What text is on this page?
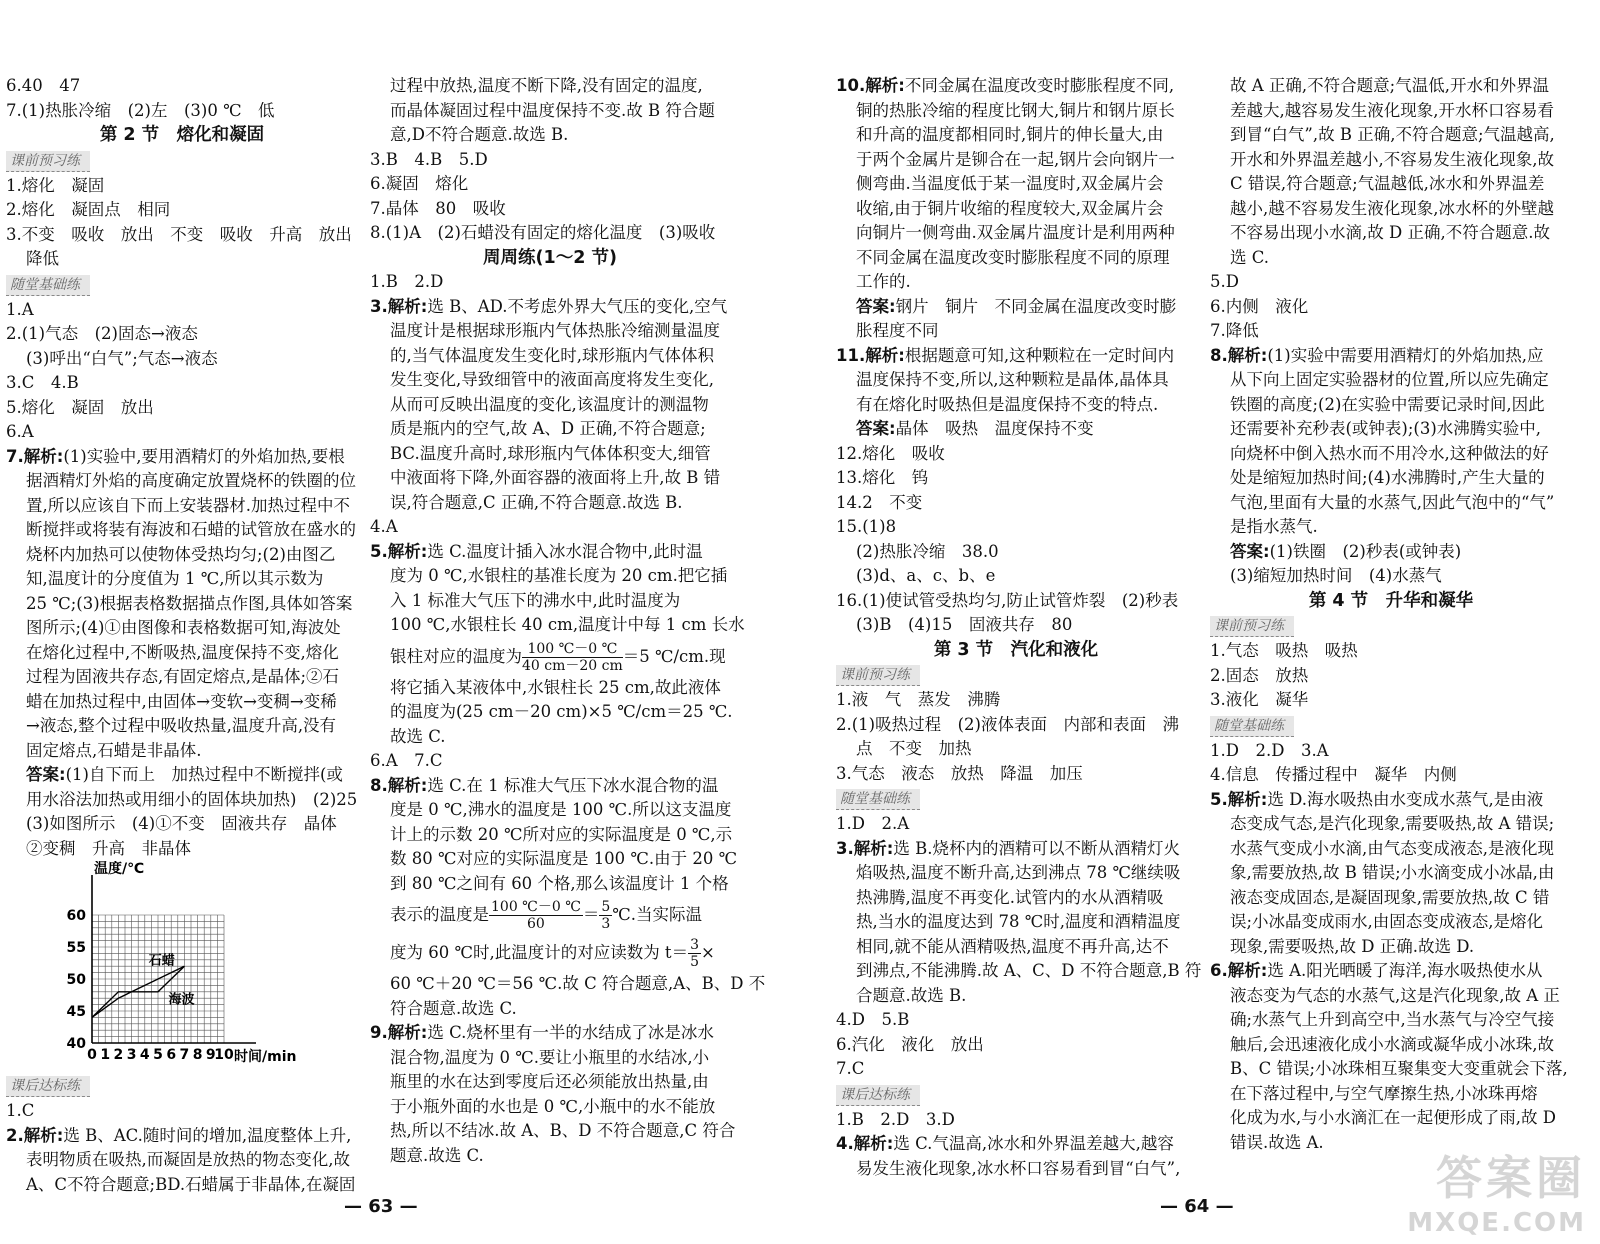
6.40　47
7.(1)热胀冷缩　(2)左　(3)0 ℃　低
第 2 节　熔化和凝固
课前预习练
1.熔化　凝固
2.熔化　凝固点　相同
3.不变　吸收　放出　不变　吸收　升高　放出
降低
随堂基础练
1.A
2.(1)气态　(2)固态→液态
(3)呼出“白气”;气态→液态
3.C　4.B
5.熔化　凝固　放出
6.A
7.解析:(1)实验中,要用酒精灯的外焰加热,要根
据酒精灯外焰的高度确定放置烧杯的铁圈的位
置,所以应该自下而上安装器材.加热过程中不
断搅拌或将装有海波和石蜡的试管放在盛水的
烧杯内加热可以使物体受热均匀;(2)由图乙
知,温度计的分度值为 1 ℃,所以其示数为
25 ℃;(3)根据表格数据描点作图,具体如答案
图所示;(4)①由图像和表格数据可知,海波处
在熔化过程中,不断吸热,温度保持不变,熔化
过程为固液共存态,有固定熔点,是晶体;②石
蜡在加热过程中,由固体→变软→变稠→变稀
→液态,整个过程中吸收热量,温度升高,没有
固定熔点,石蜡是非晶体.
答案:(1)自下而上　加热过程中不断搅拌(或
用水浴法加热或用细小的固体块加热)　(2)25
(3)如图所示　(4)①不变　固液共存　晶体
②变稠　升高　非晶体
温度/℃
时间/min
0 1 2 3 4 5 6 7 8 9
10
40
45
50
55
60
石蜡
海波
课后达标练
1.C
2.解析:选 B、AC.随时间的增加,温度整体上升,
表明物质在吸热,而凝固是放热的物态变化,故
A、C不符合题意;BD.石蜡属于非晶体,在凝固
过程中放热,温度不断下降,没有固定的温度,
而晶体凝固过程中温度保持不变.故 B 符合题
意,D不符合题意.故选 B.
3.B　4.B　5.D
6.凝固　熔化
7.晶体　80　吸收
8.(1)A　(2)石蜡没有固定的熔化温度　(3)吸收
周周练(1～2 节)
1.B　2.D
3.解析:选 B、AD.不考虑外界大气压的变化,空气
温度计是根据球形瓶内气体热胀冷缩测量温度
的,当气体温度发生变化时,球形瓶内气体体积
发生变化,导致细管中的液面高度将发生变化,
从而可反映出温度的变化,该温度计的测温物
质是瓶内的空气,故 A、D 正确,不符合题意;
BC.温度升高时,球形瓶内气体体积变大,细管
中液面将下降,外面容器的液面将上升,故 B 错
误,符合题意,C 正确,不符合题意.故选 B.
4.A
5.解析:选 C.温度计插入冰水混合物中,此时温
度为 0 ℃,水银柱的基准长度为 20 cm.把它插
入 1 标准大气压下的沸水中,此时温度为
100 ℃,水银柱长 40 cm,温度计中每 1 cm 长水
银柱对应的温度为 $\frac{100 ℃-0 ℃}{40 cm-20 cm} =5$ ℃/cm.现
将它插入某液体中,水银柱长 25 cm,故此液体
的温度为(25 cm－20 cm)×5 ℃/cm＝25 ℃.
故选 C.
6.A　7.C
8.解析:选 C.在 1 标准大气压下冰水混合物的温
度是 0 ℃,沸水的温度是 100 ℃.所以这支温度
计上的示数 20 ℃所对应的实际温度是 0 ℃,示
数 80 ℃对应的实际温度是 100 ℃.由于 20 ℃
到 80 ℃之间有 60 个格,那么该温度计 1 个格
表示的温度是 $\frac{100 ℃-0 ℃}{60} = \frac{5}{3}$ ℃.当实际温
度为 60 ℃时,此温度计的对应读数为 $t= \frac{3}{5}$ ×
60 ℃＋20 ℃＝56 ℃.故 C 符合题意,A、B、D 不
符合题意.故选 C.
9.解析:选 C.烧杯里有一半的水结成了冰是冰水
混合物,温度为 0 ℃.要让小瓶里的水结冰,小
瓶里的水在达到零度后还必须能放出热量,由
于小瓶外面的水也是 0 ℃,小瓶中的水不能放
热,所以不结冰.故 A、B、D 不符合题意,C 符合
题意.故选 C.
— 63 —
10.解析:不同金属在温度改变时膨胀程度不同,
铜的热胀冷缩的程度比钢大,铜片和钢片原长
和升高的温度都相同时,铜片的伸长量大,由
于两个金属片是铆合在一起,钢片会向钢片一
侧弯曲.当温度低于某一温度时,双金属片会
收缩,由于铜片收缩的程度较大,双金属片会
向铜片一侧弯曲.双金属片温度计是利用两种
不同金属在温度改变时膨胀程度不同的原理
工作的.
答案:钢片　铜片　不同金属在温度改变时膨
胀程度不同
11.解析:根据题意可知,这种颗粒在一定时间内
温度保持不变,所以,这种颗粒是晶体,晶体具
有在熔化时吸热但是温度保持不变的特点.
答案:晶体　吸热　温度保持不变
12.熔化　吸收
13.熔化　钨
14.2　不变
15.(1)8
(2)热胀冷缩　38.0
(3)d、a、c、b、e
16.(1)使试管受热均匀,防止试管炸裂　(2)秒表
(3)B　(4)15　固液共存　80
第 3 节　汽化和液化
课前预习练
1.液　气　蒸发　沸腾
2.(1)吸热过程　(2)液体表面　内部和表面　沸
点　不变　加热
3.气态　液态　放热　降温　加压
随堂基础练
1.D　2.A
3.解析:选 B.烧杯内的酒精可以不断从酒精灯火
焰吸热,温度不断升高,达到沸点 78 ℃继续吸
热沸腾,温度不再变化.试管内的水从酒精吸
热,当水的温度达到 78 ℃时,温度和酒精温度
相同,就不能从酒精吸热,温度不再升高,达不
到沸点,不能沸腾.故 A、C、D 不符合题意,B 符
合题意.故选 B.
4.D　5.B
6.汽化　液化　放出
7.C
课后达标练
1.B　2.D　3.D
4.解析:选 C.气温高,冰水和外界温差越大,越容
易发生液化现象,冰水杯口容易看到冒“白气”,
故 A 正确,不符合题意;气温低,开水和外界温
差越大,越容易发生液化现象,开水杯口容易看
到冒“白气”,故 B 正确,不符合题意;气温越高,
开水和外界温差越小,不容易发生液化现象,故
C 错误,符合题意;气温越低,冰水和外界温差
越小,越不容易发生液化现象,冰水杯的外壁越
不容易出现小水滴,故 D 正确,不符合题意.故
选 C.
5.D
6.内侧　液化
7.降低
8.解析:(1)实验中需要用酒精灯的外焰加热,应
从下向上固定实验器材的位置,所以应先确定
铁圈的高度;(2)在实验中需要记录时间,因此
还需要补充秒表(或钟表);(3)水沸腾实验中,
向烧杯中倒入热水而不用冷水,这种做法的好
处是缩短加热时间;(4)水沸腾时,产生大量的
气泡,里面有大量的水蒸气,因此气泡中的“气”
是指水蒸气.
答案:(1)铁圈　(2)秒表(或钟表)
(3)缩短加热时间　(4)水蒸气
第 4 节　升华和凝华
课前预习练
1.气态　吸热　吸热
2.固态　放热
3.液化　凝华
随堂基础练
1.D　2.D　3.A
4.信息　传播过程中　凝华　内侧
5.解析:选 D.海水吸热由水变成水蒸气,是由液
态变成气态,是汽化现象,需要吸热,故 A 错误;
水蒸气变成小水滴,由气态变成液态,是液化现
象,需要放热,故 B 错误;小水滴变成小冰晶,由
液态变成固态,是凝固现象,需要放热,故 C 错
误;小冰晶变成雨水,由固态变成液态,是熔化
现象,需要吸热,故 D 正确.故选 D.
6.解析:选 A.阳光晒暖了海洋,海水吸热使水从
液态变为气态的水蒸气,这是汽化现象,故 A 正
确;水蒸气上升到高空中,当水蒸气与冷空气接
触后,会迅速液化成小水滴或凝华成小冰珠,故
B、C 错误;小冰珠相互聚集变大变重就会下落,
在下落过程中,与空气摩擦生热,小冰珠再熔
化成为水,与小水滴汇在一起便形成了雨,故 D
错误.故选 A.
— 64 —
答案圈
MXQE.COM
